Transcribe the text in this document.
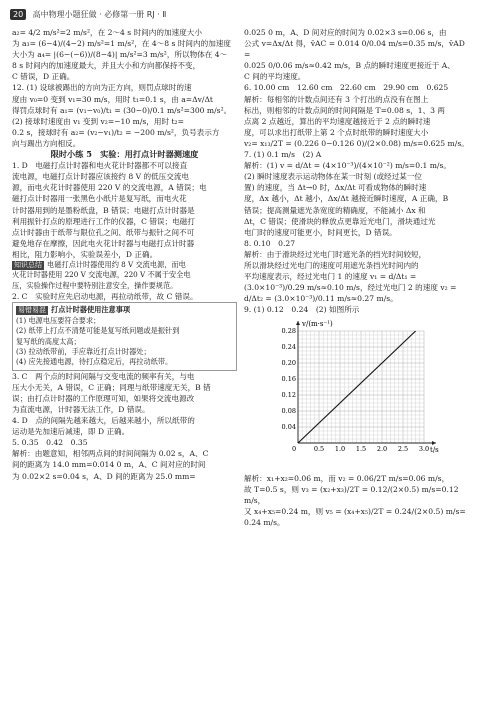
20 高中物理小题狂做 · 必修第一册 RJ · Ⅱ
a₂= 4/2 m/s²=2 m/s²，在 2～4 s 时间内的加速度大小
为 a₃= (6−4)/(4−2) m/s²=1 m/s²，在 4～8 s 时间内的加速度
大小为 a₄= |(6−(−6))/(8−4)| m/s²=3 m/s²，所以物体在 4～
8 s 时间内的加速度最大，并且大小和方向都保持不变，
C 错误，D 正确。
12. (1) 设球被踢出的方向为正方向，则罚点球时的速
度由 v₀=0 变到 v₁=30 m/s，用时 t₁=0.1 s，由 a=Δv/Δt
得罚点球时有 a₁= (v₁−v₀)/t₁ = (30−0)/0.1 m/s²=300 m/s²。
(2) 接球时速度由 v₁ 变到 v₂=−10 m/s，用时 t₂=
0.2 s，接球时有 a₂= (v₂−v₁)/t₂ = −200 m/s²，负号表示方
向与踢出方向相反。
限时小练 5　实验：用打点计时器测速度
1. D　电磁打点计时器和电火花计时器都不可以接直
流电源，电磁打点计时器应该接约 8 V 的低压交流电
源，而电火花计时器使用 220 V 的交流电源，A 错误；电
磁打点计时器用一张黑色小纸片是复写纸，而电火花
计时器用到的是墨粉纸盘，B 错误；电磁打点计时器是
利用振针打点的原理进行工作的仪器，C 错误；电磁打
点计时器由于纸带与限位孔之间、纸带与振针之间不可
避免地存在摩擦，因此电火花计时器与电磁打点计时器
相比，阻力影响小，实验误差小，D 正确。
知识总结 电磁打点计时器使用约 8 V 交流电源，而电
火花计时器使用 220 V 交流电源，220 V 不属于安全电
压，实验操作过程中要特别注意安全，操作要规范。
2. C　实验时应先启动电源，再拉动纸带，故 C 错误。
易错易混 打点计时器使用注意事项
(1) 电源电压要符合要求；
(2) 纸带上打点不清楚可能是复写纸问题或是振针到
复写纸的高度太高；
(3) 拉动纸带前，手应靠近打点计时器处；
(4) 应先接通电源，待打点稳定后，再拉动纸带。
3. C　两个点的时间间隔与交变电流的频率有关，与电
压大小无关，A 错误，C 正确；同理与纸带速度无关，B 错
误；由打点计时器的工作原理可知，如果将交流电源改
为直流电源，计时器无法工作，D 错误。
4. D　点的间隔先越来越大，后越来越小，所以纸带的
运动是先加速后减速，即 D 正确。
5. 0.35　0.42　0.35
解析：由题意知，相邻两点间的时间间隔为 0.02 s，A、C
间的距离为 14.0 mm=0.014 0 m，A、C 间对应的时间
为 0.02×2 s=0.04 s，A、D 间的距离为 25.0 mm=
0.025 0 m，A、D 间对应的时间为 0.02×3 s=0.06 s，由
公式 v=Δx/Δt 得，v̄AC = 0.014 0/0.04 m/s=0.35 m/s，v̄AD =
0.025 0/0.06 m/s≈0.42 m/s，B 点的瞬时速度更接近于 A、
C 间的平均速度。
6. 10.00 cm　12.60 cm　22.60 cm　29.90 cm　0.625
解析：每相邻的计数点间还有 3 个打出的点没有在图上
标出，则相邻的计数点间的时间间隔是 T=0.08 s，1、3 两
点离 2 点越近，算出的平均速度越接近于 2 点的瞬时速
度，可以求出打纸带上第 2 个点时纸带的瞬时速度大小
v₂= x₁₃/2T = (0.226 0−0.126 0)/(2×0.08) m/s=0.625 m/s。
7. (1) 0.1 m/s　(2) A
解析：(1) v = d/Δt = (4×10⁻³)/(4×10⁻²) m/s=0.1 m/s。
(2) 瞬时速度表示运动物体在某一时刻 (或经过某一位
置) 的速度，当 Δt→0 时，Δx/Δt 可看成物体的瞬时速
度，Δx 越小，Δt 越小，Δx/Δt 越接近瞬时速度，A 正确，B
错误；提高测量遮光条宽度的精确度，不能减小 Δx 和
Δt，C 错误；使滑块的释放点更靠近光电门，滑块通过光
电门时的速度可能更小，时间更长，D 错误。
8. 0.10　0.27
解析：由于滑块经过光电门时遮光条的挡光时间较短，
所以滑块经过光电门的速度可用遮光条挡光时间内的
平均速度表示，经过光电门 1 的速度 v₁ = d/Δt₁ =
(3.0×10⁻³)/0.29 m/s≈0.10 m/s，经过光电门 2 的速度 v₂ =
d/Δt₂ = (3.0×10⁻³)/0.11 m/s≈0.27 m/s。
9. (1) 0.12　0.24　(2) 如图所示
v/(m·s⁻¹)
t/s
0	0.5 1.0 1.5 2.0 2.5 3.0
0.04
0.08
0.12
0.16
0.20
0.24
0.28
解析：x₁+x₂=0.06 m，而 v₂ = 0.06/2T m/s=0.06 m/s，
故 T=0.5 s，则 v₃ = (x₂+x₃)/2T = 0.12/(2×0.5) m/s=0.12 m/s，
又 x₄+x₅=0.24 m，则 v₅ = (x₄+x₅)/2T = 0.24/(2×0.5) m/s=
0.24 m/s。
